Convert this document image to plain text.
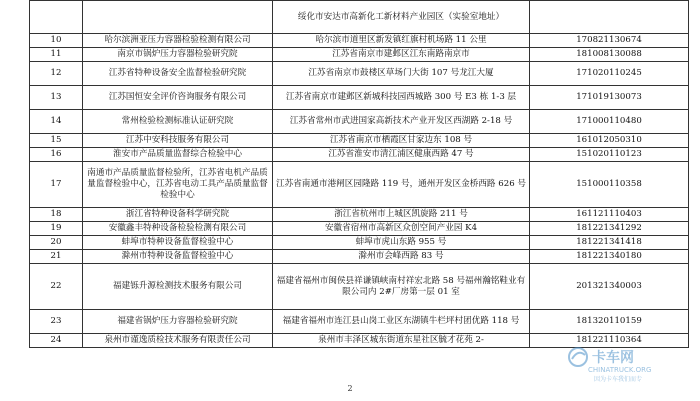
		绥化市安达市高新化工新材料产业园区（实验室地址）	
10	哈尔滨洲亚压力容器检验检测有限公司	哈尔滨市道里区新发镇红旗村机场路 11 公里	170821130674
11	南京市锅炉压力容器检验研究院	江苏省南京市建邺区江东南路南京市	181008130088
12	江苏省特种设备安全监督检验研究院	江苏省南京市鼓楼区草场门大街 107 号龙江大厦	171020110245
13	江苏国恒安全评价咨询服务有限公司	江苏省南京市建邺区新城科技园西城路 300 号 E3 栋 1-3 层	171019130073
14	常州检验检测标准认证研究院	江苏省常州市武进国家高新技术产业开发区西湖路 2-18 号	171000110480
15	江苏中安科技服务有限公司	江苏省南京市栖霞区甘家边东 108 号	161012050310
16	淮安市产品质量监督综合检验中心	江苏省淮安市清江浦区健康西路 47 号	151020110123
17	南通市产品质量监督检验所，江苏省电机产品质量监督检验中心，江苏省电动工具产品质量监督检验中心	江苏省南通市港闸区园隆路 119 号，通州开发区金桥西路 626 号	151000110358
18	浙江省特种设备科学研究院	浙江省杭州市上城区凯旋路 211 号	161121110403
19	安徽鑫丰特种设备检验检测有限公司	安徽省宿州市高新区众创空间产业园 K4	181221341292
20	蚌埠市特种设备监督检验中心	蚌埠市虎山东路 955 号	181221341418
21	滁州市特种设备监督检验中心	滁州市会峰西路 83 号	181221340180
22	福建铄升源检测技术服务有限公司	福建省福州市闽侯县祥谦镇峡南村祥宏北路 58 号福州瀚铭鞋业有限公司内 2#厂房第一层 01 室	201321340003
23	福建省锅炉压力容器检验研究院	福建省福州市连江县山岗工业区东湖镇牛栏坪村团优路 118 号	181320110159
24	泉州市谨逸质检技术服务有限责任公司	泉州市丰泽区城东街道东星社区毓才花苑 2-	181221110364
2
卡车网
CHINATRUCK.ORG
因为卡车我们而专
